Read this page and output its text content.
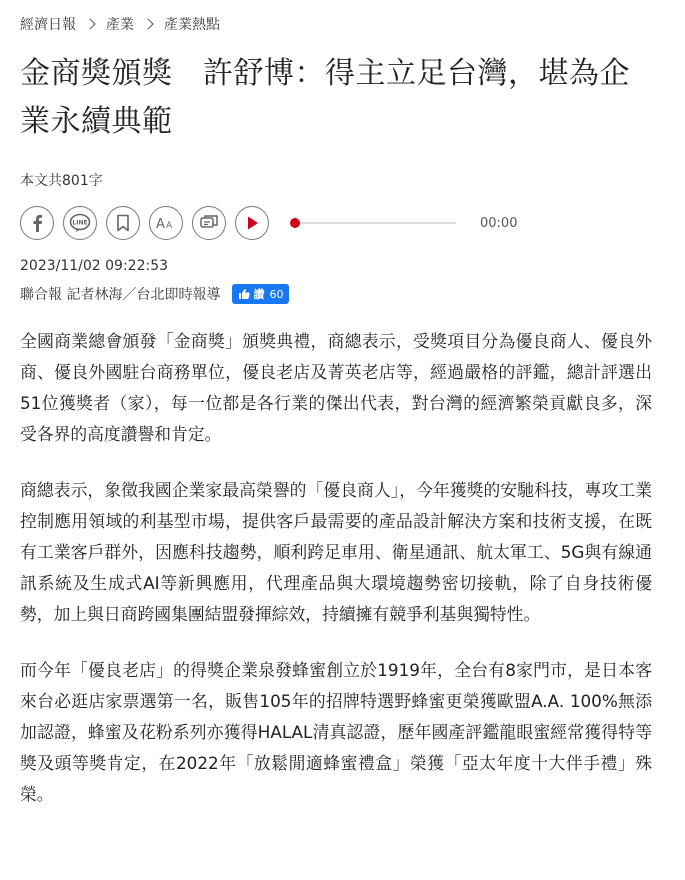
經濟日報 產業 產業熱點
金商獎頒獎　許舒博：得主立足台灣，堪為企業永續典範
本文共801字
LINE	A A	00:00
2023/11/02 09:22:53
聯合報 記者林海／台北即時報導	讚 60

全國商業總會頒發「金商獎」頒獎典禮，商總表示，受獎項目分為優良商人、優良外商、優良外國駐台商務單位，優良老店及菁英老店等，經過嚴格的評鑑，總計評選出51位獲獎者（家），每一位都是各行業的傑出代表，對台灣的經濟繁榮貢獻良多，深受各界的高度讚譽和肯定。

商總表示，象徵我國企業家最高榮譽的「優良商人」，今年獲獎的安馳科技，專攻工業控制應用領域的利基型市場，提供客戶最需要的產品設計解決方案和技術支援，在既有工業客戶群外，因應科技趨勢，順利跨足車用、衛星通訊、航太軍工、5G與有線通訊系統及生成式AI等新興應用，代理產品與大環境趨勢密切接軌，除了自身技術優勢，加上與日商跨國集團結盟發揮綜效，持續擁有競爭利基與獨特性。

而今年「優良老店」的得獎企業泉發蜂蜜創立於1919年，全台有8家門市，是日本客來台必逛店家票選第一名，販售105年的招牌特選野蜂蜜更榮獲歐盟A.A. 100%無添加認證，蜂蜜及花粉系列亦獲得HALAL清真認證，歷年國產評鑑龍眼蜜經常獲得特等獎及頭等獎肯定，在2022年「放鬆閒適蜂蜜禮盒」榮獲「亞太年度十大伴手禮」殊榮。
